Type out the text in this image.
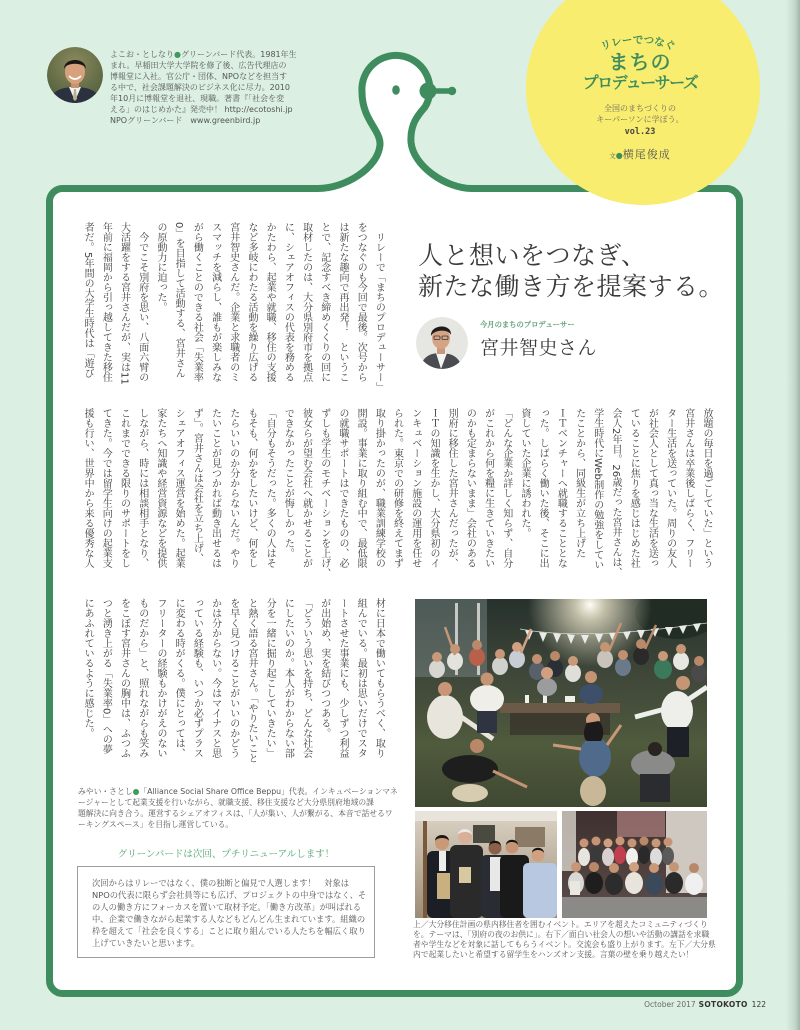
リレーでつなぐ
まちの
プロデューサーズ
全国のまちづくりの
キーパーソンに学ぼう。
vol.23
文●横尾俊成
よこお・としなり●グリーンバード代表。1981年生
まれ。早稲田大学大学院を修了後、広告代理店の
博報堂に入社。官公庁・団体、NPOなどを担当す
る中で、社会課題解決のビジネス化に尽力。2010
年10月に博報堂を退社、現職。著書『「社会を変
える」のはじめかた』発売中！ http://ecotoshi.jp
NPOグリーンバード　www.greenbird.jp
人と想いをつなぎ、
新たな働き方を提案する。
今月のまちのプロデューサー
宮井智史さん
　リレーで「まちのプロデューサー」
をつなぐのも今回で最後。次号から
は新たな趣向で再出発！　というこ
とで、記念すべき締めくくりの回に
取材したのは、大分県別府市を拠点
に、シェアオフィスの代表を務める
かたわら、起業や就職、移住の支援
など多岐にわたる活動を繰り広げる
宮井智史さんだ。企業と求職者のミ
スマッチを減らし、誰もが楽しみな
がら働くことのできる社会「失業率
0」を目指して活動する、宮井さん
の原動力に迫った。
　今でこそ別府を思い、八面六臂の
大活躍をする宮井さんだが、実は11
年前に福岡から引っ越してきた移住
者だ。5年間の大学生時代は「遊び
放題の毎日を過ごしていた」という
宮井さんは卒業後しばらく、フリー
ター生活を送っていた。周りの友人
が社会人として真っ当な生活を送っ
ていることに焦りを感じはじめた社
会人2年目。26歳だった宮井さんは、
学生時代にWeb制作の勉強をしてい
たことから、同級生が立ち上げた
ＩＴベンチャーへ就職することとな
った。しばらく働いた後、そこに出
資していた企業に誘われた。
「どんな企業か詳しく知らず、自分
がこれから何を糧に生きていきたい
のかも定まらないまま」会社のある
別府に移住した宮井さんだったが、
ＩＴの知識を生かし、大分県初のイ
ンキュベーション施設の運用を任せ
られた。東京での研修を終えてまず
取り掛かったのが、職業訓練学校の
開設。事業に取り組む中で、最低限
の就職サポートはできたものの、必
ずしも学生のモチベーションを上げ、
彼女らが望む会社へ就かせることが
できなかったことが悔しかった。
「自分もそうだった。多くの人はそ
もそも、何かをしたいけど、何をし
たらいいのか分からないんだ。やり
たいことが見つかれば動き出せるは
ず」。宮井さんは会社を立ち上げ、
シェアオフィス運営を始めた。起業
家たちへ知識や経営資源などを提供
しながら、時には相談相手となり、
これまでできる限りのサポートをし
てきた。今では留学生向けの起業支
援も行い、世界中から来る優秀な人
材に日本で働いてもらうべく、取り
組んでいる。最初は思いだけでスタ
ートさせた事業にも、少しずつ利益
が出始め、実を結びつつある。
「どういう思いを持ち、どんな社会
にしたいのか。本人がわからない部
分を一緒に掘り起こしていきたい」
と熱く語る宮井さん。「やりたいこと
を早く見つけることがいいのかどう
かは分からない。今はマイナスと思
っている経験も、いつか必ずプラス
に変わる時がくる。僕にとっては、
フリーターの経験もかけがえのない
ものだから」と、照れながらも笑み
をこぼす宮井さんの胸中は、ふつふ
つと湧き上がる「失業率0」への夢
にあふれているように感じた。
みやい・さとし●「Alliance Social Share Office Beppu」代表。インキュベーションマネ
ージャーとして起業支援を行いながら、就職支援、移住支援など大分県別府地域の課
題解決に向き合う。運営するシェアオフィスは、「人が集い、人が繋がる、本音で話せるワ
ーキングスペース」を目指し運営している。
グリーンバードは次回、プチリニューアルします！
次回からはリレーではなく、僕の独断と偏見で人選します！　対象は
NPOの代表に限らず会社員等にも広げ、プロジェクトの中身ではなく、そ
の人の働き方にフォーカスを置いて取材予定。「働き方改革」が叫ばれる
中、企業で働きながら起業する人などもどんどん生まれています。組織の
枠を超えて「社会を良くする」ことに取り組んでいる人たちを幅広く取り
上げていきたいと思います。
上／大分移住計画の県内移住者を囲むイベント。エリアを超えたコミュニティづくり
を。テーマは、「別府の夜のお供に」。右下／面白い社会人の想いや活動の講話を求職
者や学生などを対象に話してもらうイベント。交流会も盛り上がります。左下／大分県
内で起業したいと希望する留学生をハンズオン支援。言葉の壁を乗り越えたい！
October 2017 SOTOKOTO 122
